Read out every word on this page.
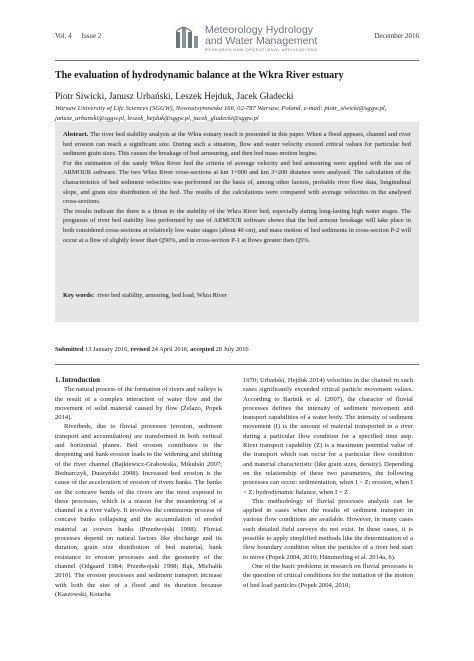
Vol. 4 Issue 2	Meteorology Hydrology
and Water Management
RESEARCH AND OPERATIONAL APPLICATIONS
December 2016
The evaluation of hydrodynamic balance at the Wkra River estuary
Piotr Siwicki, Janusz Urbański, Leszek Hejduk, Jacek Gładecki
Warsaw University of Life Sciences (SGGW), Nowoursynowska 166, 02-787 Warsaw, Poland, e-mail: piotr_siwicki@sggw.pl,
janusz_urbanski@sggw.pl, leszek_hejduk@sggw.pl, jacek_gladecki@sggw.pl

Abstract. The river bed stability analysis at the Wkra estuary reach is presented in this paper. When a flood appears, channel and river bed erosion can reach a significant size. During such a situation, flow and water velocity exceed critical values for particular bed sediment grain sizes. This causes the breakage of bed armouring, and then bed mass motion begins.

For the estimation of the sandy Wkra River bed the criteria of average velocity and bed armouring were applied with the use of ARMOUR software. The two Wkra River cross-sections at km 1+000 and km 3+200 distance were analysed. The calculation of the characteristics of bed sediment velocities was performed on the basis of, among other factors, probable river flow data, longitudinal slope, and grain size distribution of the bed. The results of the calculations were compared with average velocities in the analysed cross-sections.

The results indicate the there is a threat to the stability of the Wkra River bed, especially during long-lasting high water stages. The prognosis of river bed stability loss performed by use of ARMOUR software shows that the bed armour breakage will take place in both considered cross-sections at relatively low water stages (about 40 cm), and mass motion of bed sediments in cross-section P-2 will occur at a flow of slightly lower than Q50%, and in cross-section P-1 at flows greater then Q5%.

Key words: river bed stability, armoring, bed load, Wkra River
Submitted 13 January 2016, revised 24 April 2016, accepted 28 July 2016

1. Introduction

The natural process of the formation of rivers and valleys is the result of a complex interaction of water flow and the movement of solid material caused by flow (Żelazo, Popek 2014).

Riverbeds, due to fluvial processes (erosion, sediment transport and accumulation) are transformed in both vertical and horizontal planes. Bed erosion contributes to the deepening and bank erosion leads to the widening and shifting of the river channel (Bajkiewicz-Grabowska, Mikulski 2007; Bednarczyk, Duszyński 2008). Increased bed erosion is the cause of the acceleration of erosion of rivers banks. The banks on the concave bends of the rivers are the most exposed to these processes, which is a reason for the meandering of a channel in a river valley. It involves the continuous process of concave banks collapsing and the accumulation of eroded material at convex banks (Przedwojski 1998). Fluvial processes depend on natural factors like discharge and its duration, grain size distribution of bed material, bank resistance to erosion processes and the geometry of the channel (Odgaard 1984; Przedwojski 1998; Bąk, Michalik 2010). The erosion processes and sediment transport increase with both the size of a flood and its duration because (Kaszowski, Kotarba

1970; Urbański, Hejduk 2014) velocities in the channel in such cases significantly exceeded critical particle movement values. According to Bartnik et al. (2007), the character of fluvial processes defines the intensity of sediment movement and transport capabilities of a water body. The intensity of sediment movement (I) is the amount of material transported in a river during a particular flow condition for a specified time step. River transport capability (Z) is a maximum potential value of the transport which can occur for a particular flow condition and material characteristic (like grain sizes, density). Depending on the relationship of these two parameters, the following processes can occur: sedimentation, when I > Z; erosion, when I < Z; hydrodynamic balance, when I = Z.

This methodology of fluvial processes analysis can be applied in cases when the results of sediment transport in various flow conditions are available. However, in many cases such detailed field surveys do not exist. In these cases, it is possible to apply simplified methods like the determination of a flow boundary condition when the particles of a river bed start to move (Popek 2004, 2010; Hämmerling et al. 2014a, b).

One of the basic problems in research on fluvial processes is the question of critical conditions for the initiation of the motion of bed load particles (Popek 2004, 2010;
